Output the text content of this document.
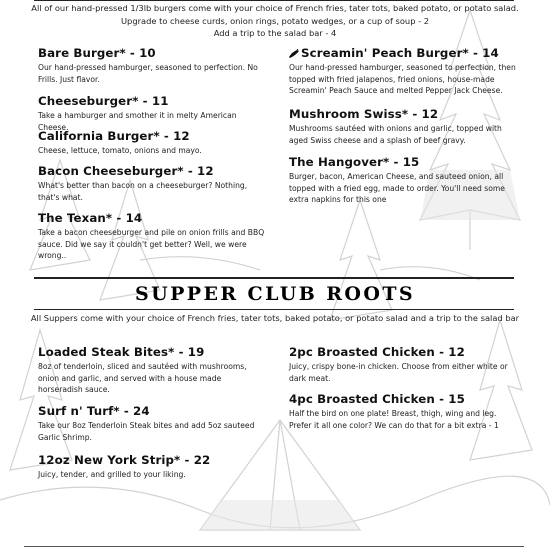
All of our hand-pressed 1/3lb burgers come with your choice of French fries, tater tots, baked potato, or potato salad.
Upgrade to cheese curds, onion rings, potato wedges, or a cup of soup - 2
Add a trip to the salad bar - 4
Bare Burger* - 10
Our hand-pressed hamburger, seasoned to perfection. No Frills. Just flavor.
Cheeseburger* - 11
Take a hamburger and smother it in melty American Cheese.
California Burger* - 12
Cheese, lettuce, tomato, onions and mayo.
Bacon Cheeseburger* - 12
What's better than bacon on a cheeseburger? Nothing, that's what.
The Texan* - 14
Take a bacon cheeseburger and pile on onion frills and BBQ sauce. Did we say it couldn't get better? Well, we were wrong..
Screamin' Peach Burger* - 14
Our hand-pressed hamburger, seasoned to perfection, then topped with fried jalapenos, fried onions, house-made Screamin' Peach Sauce and melted Pepper Jack Cheese.
Mushroom Swiss* - 12
Mushrooms sautéed with onions and garlic, topped with aged Swiss cheese and a splash of beef gravy.
The Hangover* - 15
Burger, bacon, American Cheese, and sauteed onion, all topped with a fried egg, made to order. You'll need some extra napkins for this one
SUPPER CLUB ROOTS
All Suppers come with your choice of French fries, tater tots, baked potato, or potato salad and a trip to the salad bar
Loaded Steak Bites* - 19
8oz of tenderloin, sliced and sautéed with mushrooms, onion and garlic, and served with a house made horseradish sauce.
Surf n' Turf* - 24
Take our 8oz Tenderloin Steak bites and add 5oz sauteed Garlic Shrimp.
12oz New York Strip* - 22
Juicy, tender, and grilled to your liking.
2pc Broasted Chicken - 12
Juicy, crispy bone-in chicken. Choose from either white or dark meat.
4pc Broasted Chicken - 15
Half the bird on one plate! Breast, thigh, wing and leg. Prefer it all one color? We can do that for a bit extra - 1
